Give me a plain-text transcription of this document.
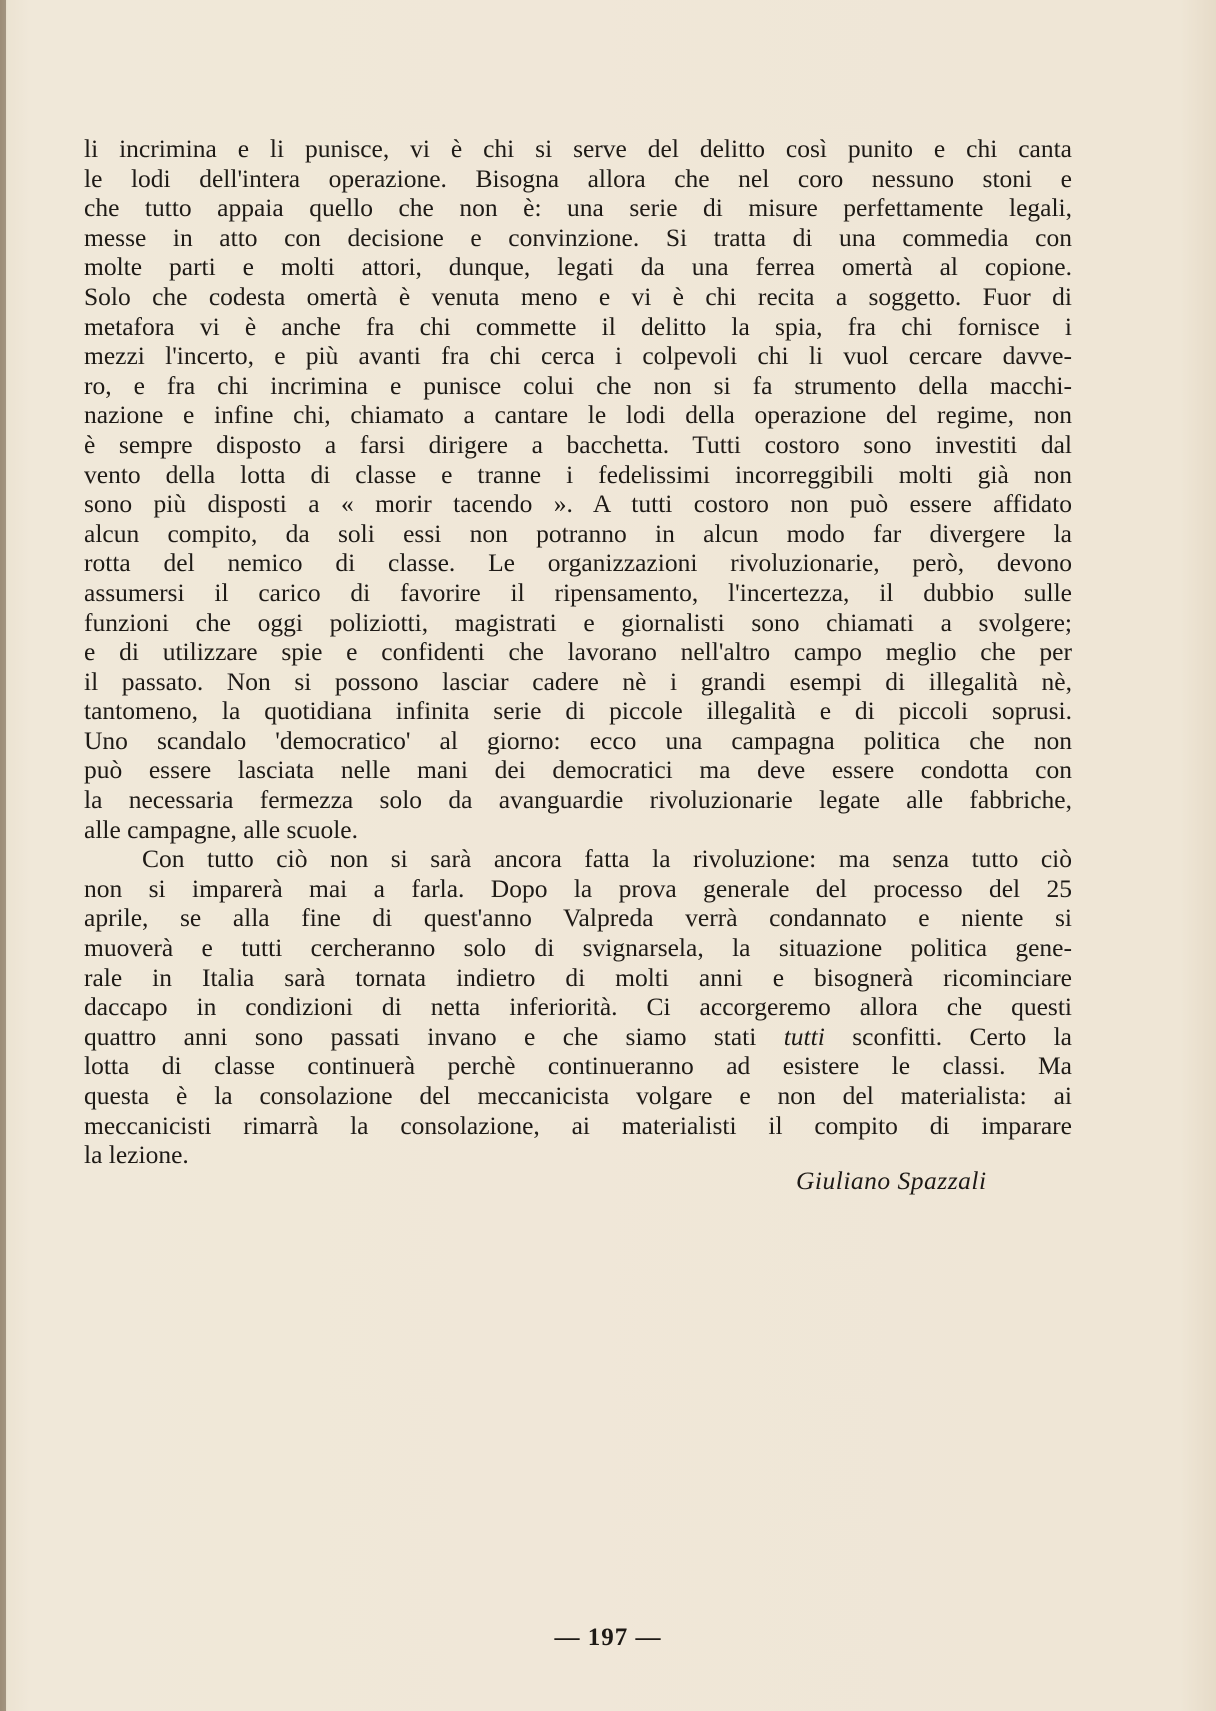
li incrimina e li punisce, vi è chi si serve del delitto così punito e chi canta
le lodi dell'intera operazione. Bisogna allora che nel coro nessuno stoni e
che tutto appaia quello che non è: una serie di misure perfettamente legali,
messe in atto con decisione e convinzione. Si tratta di una commedia con
molte parti e molti attori, dunque, legati da una ferrea omertà al copione.
Solo che codesta omertà è venuta meno e vi è chi recita a soggetto. Fuor di
metafora vi è anche fra chi commette il delitto la spia, fra chi fornisce i
mezzi l'incerto, e più avanti fra chi cerca i colpevoli chi li vuol cercare davve-
ro, e fra chi incrimina e punisce colui che non si fa strumento della macchi-
nazione e infine chi, chiamato a cantare le lodi della operazione del regime, non
è sempre disposto a farsi dirigere a bacchetta. Tutti costoro sono investiti dal
vento della lotta di classe e tranne i fedelissimi incorreggibili molti già non
sono più disposti a « morir tacendo ». A tutti costoro non può essere affidato
alcun compito, da soli essi non potranno in alcun modo far divergere la
rotta del nemico di classe. Le organizzazioni rivoluzionarie, però, devono
assumersi il carico di favorire il ripensamento, l'incertezza, il dubbio sulle
funzioni che oggi poliziotti, magistrati e giornalisti sono chiamati a svolgere;
e di utilizzare spie e confidenti che lavorano nell'altro campo meglio che per
il passato. Non si possono lasciar cadere nè i grandi esempi di illegalità nè,
tantomeno, la quotidiana infinita serie di piccole illegalità e di piccoli soprusi.
Uno scandalo 'democratico' al giorno: ecco una campagna politica che non
può essere lasciata nelle mani dei democratici ma deve essere condotta con
la necessaria fermezza solo da avanguardie rivoluzionarie legate alle fabbriche,
alle campagne, alle scuole.
Con tutto ciò non si sarà ancora fatta la rivoluzione: ma senza tutto ciò
non si imparerà mai a farla. Dopo la prova generale del processo del 25
aprile, se alla fine di quest'anno Valpreda verrà condannato e niente si
muoverà e tutti cercheranno solo di svignarsela, la situazione politica gene-
rale in Italia sarà tornata indietro di molti anni e bisognerà ricominciare
daccapo in condizioni di netta inferiorità. Ci accorgeremo allora che questi
quattro anni sono passati invano e che siamo stati tutti sconfitti. Certo la
lotta di classe continuerà perchè continueranno ad esistere le classi. Ma
questa è la consolazione del meccanicista volgare e non del materialista: ai
meccanicisti rimarrà la consolazione, ai materialisti il compito di imparare
la lezione.
Giuliano Spazzali
— 197 —
